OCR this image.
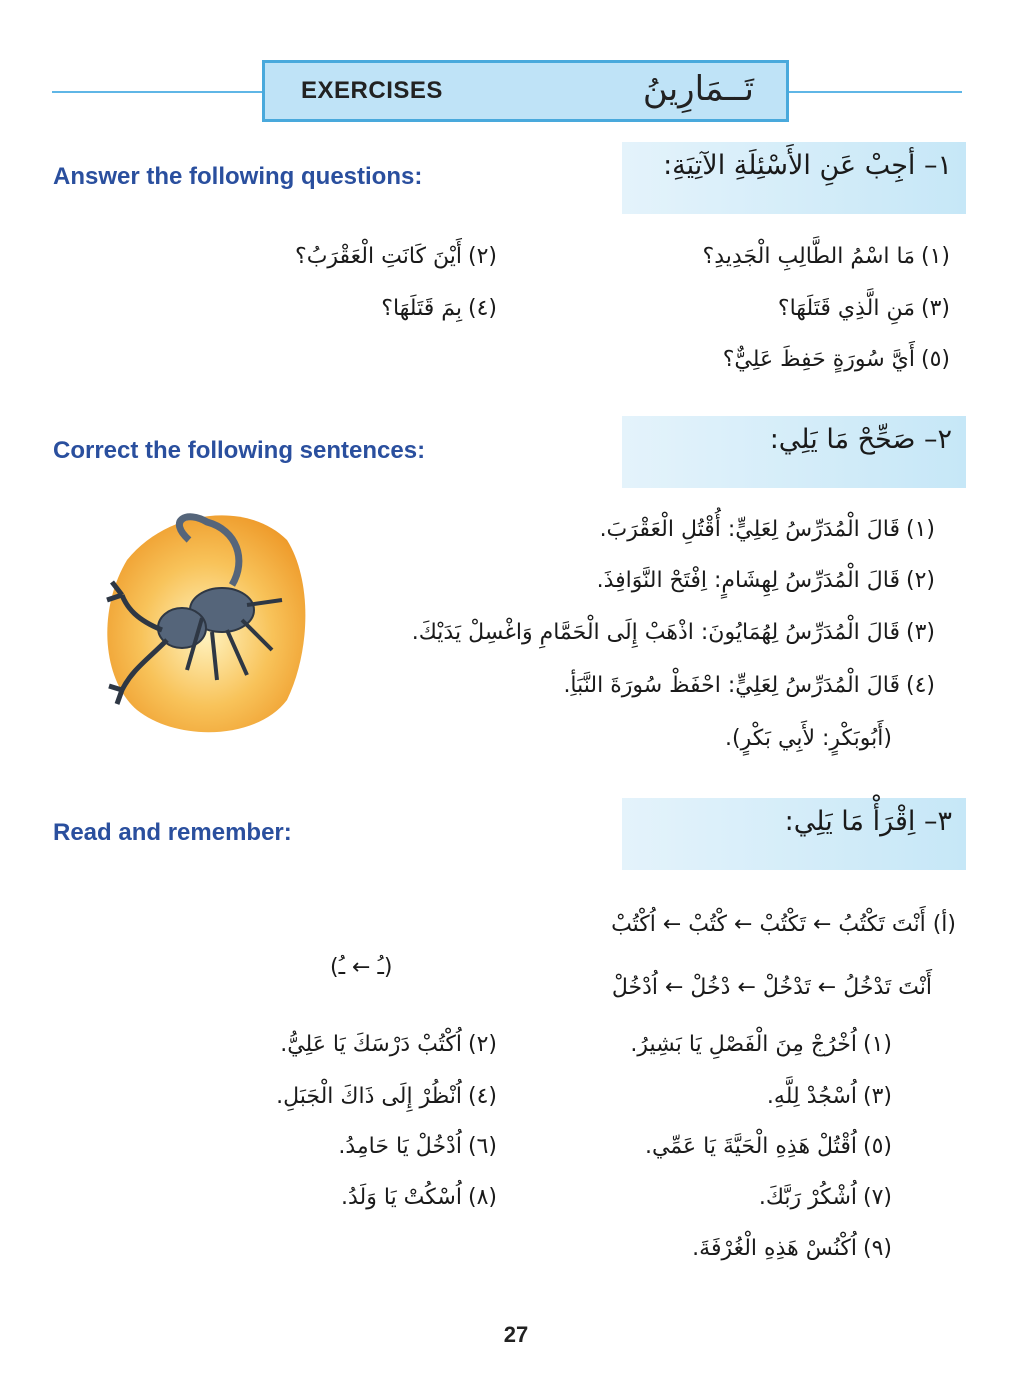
EXERCISES	تَــمَارِينُ
Answer the following questions:	١– أجِبْ عَنِ الأَسْئِلَةِ الآتِيَةِ:
(١)مَا اسْمُ الطَّالِبِ الْجَدِيدِ؟
(٢)أَيْنَ كَانَتِ الْعَقْرَبُ؟
(٣)مَنِ الَّذِي قَتَلَهَا؟
(٤)بِمَ قَتَلَهَا؟
(٥)أَيَّ سُورَةٍ حَفِظَ عَلِيٌّ؟
Correct the following sentences:	٢– صَحِّحْ مَا يَلِي:
(١)قَالَ الْمُدَرِّسُ لِعَلِيٍّ: أُقْتُلِ الْعَقْرَبَ.
(٢)قَالَ الْمُدَرِّسُ لِهِشَامٍ: اِفْتَحْ النَّوَافِذَ.
(٣)قَالَ الْمُدَرِّسُ لِهُمَايُونَ: اذْهَبْ إِلَى الْحَمَّامِ وَاغْسِلْ يَدَيْكَ.
(٤)قَالَ الْمُدَرِّسُ لِعَلِيٍّ: احْفَظْ سُورَةَ النَّبَأِ.
(أَبُوبَكْرٍ: لأَبِي بَكْرٍ).
Read and remember:	٣– اِقْرَأْ مَا يَلِي:
(أ) أَنْتَ تَكْتُبُ ← تَكْتُبْ ← كْتُبْ ← اُكْتُبْ
(ـُ ← ـُ)
أَنْتَ تَدْخُلُ ← تَدْخُلْ ← دْخُلْ ← اُدْخُلْ
(١)اُخْرُجْ مِنَ الْفَصْلِ يَا بَشِيرُ.
(٢)اُكْتُبْ دَرْسَكَ يَا عَلِيُّ.
(٣)اُسْجُدْ لِلَّهِ.
(٤)اُنْظُرْ إِلَى ذَاكَ الْجَبَلِ.
(٥)اُقْتُلْ هَذِهِ الْحَيَّةَ يَا عَمِّي.
(٦)اُدْخُلْ يَا حَامِدُ.
(٧)اُشْكُرْ رَبَّكَ.
(٨)اُسْكُتْ يَا وَلَدُ.
(٩)اُكْنُسْ هَذِهِ الْغُرْفَةَ.
27
